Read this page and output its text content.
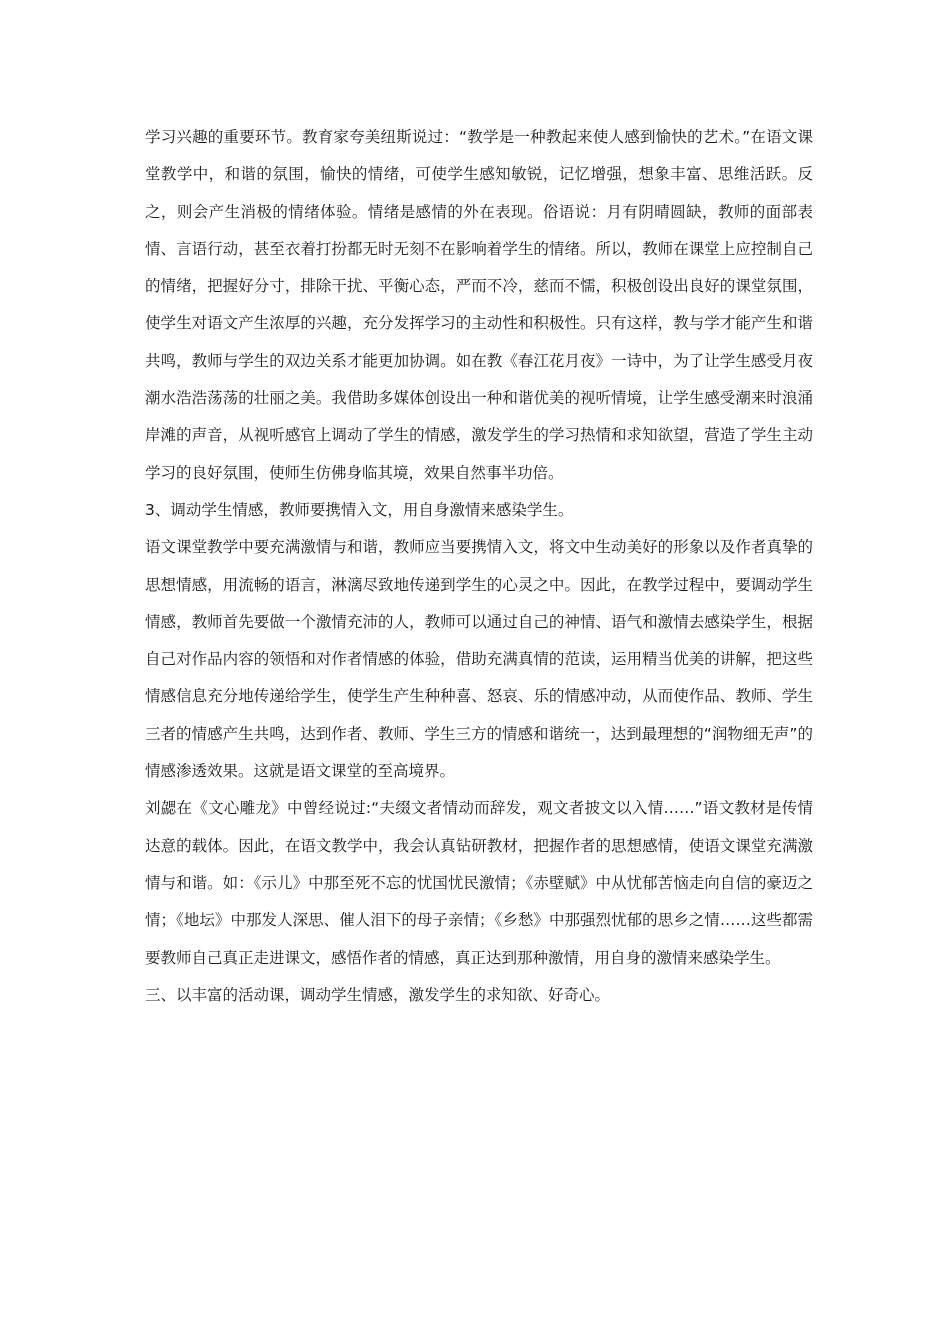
学习兴趣的重要环节。教育家夸美纽斯说过：“教学是一种教起来使人感到愉快的艺术。”在语文课堂教学中，和谐的氛围，愉快的情绪，可使学生感知敏锐，记忆增强，想象丰富、思维活跃。反之，则会产生消极的情绪体验。情绪是感情的外在表现。俗语说：月有阴晴圆缺，教师的面部表情、言语行动，甚至衣着打扮都无时无刻不在影响着学生的情绪。所以，教师在课堂上应控制自己的情绪，把握好分寸，排除干扰、平衡心态，严而不冷，慈而不懦，积极创设出良好的课堂氛围，使学生对语文产生浓厚的兴趣，充分发挥学习的主动性和积极性。只有这样，教与学才能产生和谐共鸣，教师与学生的双边关系才能更加协调。如在教《春江花月夜》一诗中，为了让学生感受月夜潮水浩浩荡荡的壮丽之美。我借助多媒体创设出一种和谐优美的视听情境，让学生感受潮来时浪涌岸滩的声音，从视听感官上调动了学生的情感，激发学生的学习热情和求知欲望，营造了学生主动学习的良好氛围，使师生仿佛身临其境，效果自然事半功倍。

3、调动学生情感，教师要携情入文，用自身激情来感染学生。

语文课堂教学中要充满激情与和谐，教师应当要携情入文，将文中生动美好的形象以及作者真挚的思想情感，用流畅的语言，淋漓尽致地传递到学生的心灵之中。因此，在教学过程中，要调动学生情感，教师首先要做一个激情充沛的人，教师可以通过自己的神情、语气和激情去感染学生，根据自己对作品内容的领悟和对作者情感的体验，借助充满真情的范读，运用精当优美的讲解，把这些情感信息充分地传递给学生，使学生产生种种喜、怒哀、乐的情感冲动，从而使作品、教师、学生三者的情感产生共鸣，达到作者、教师、学生三方的情感和谐统一，达到最理想的“润物细无声”的情感渗透效果。这就是语文课堂的至高境界。

刘勰在《文心雕龙》中曾经说过:“夫缀文者情动而辞发，观文者披文以入情……”语文教材是传情达意的载体。因此，在语文教学中，我会认真钻研教材，把握作者的思想感情，使语文课堂充满激情与和谐。如：《示儿》中那至死不忘的忧国忧民激情；《赤壁赋》中从忧郁苦恼走向自信的豪迈之情；《地坛》中那发人深思、催人泪下的母子亲情；《乡愁》中那强烈忧郁的思乡之情……这些都需要教师自己真正走进课文，感悟作者的情感，真正达到那种激情，用自身的激情来感染学生。

三、以丰富的活动课，调动学生情感，激发学生的求知欲、好奇心。
